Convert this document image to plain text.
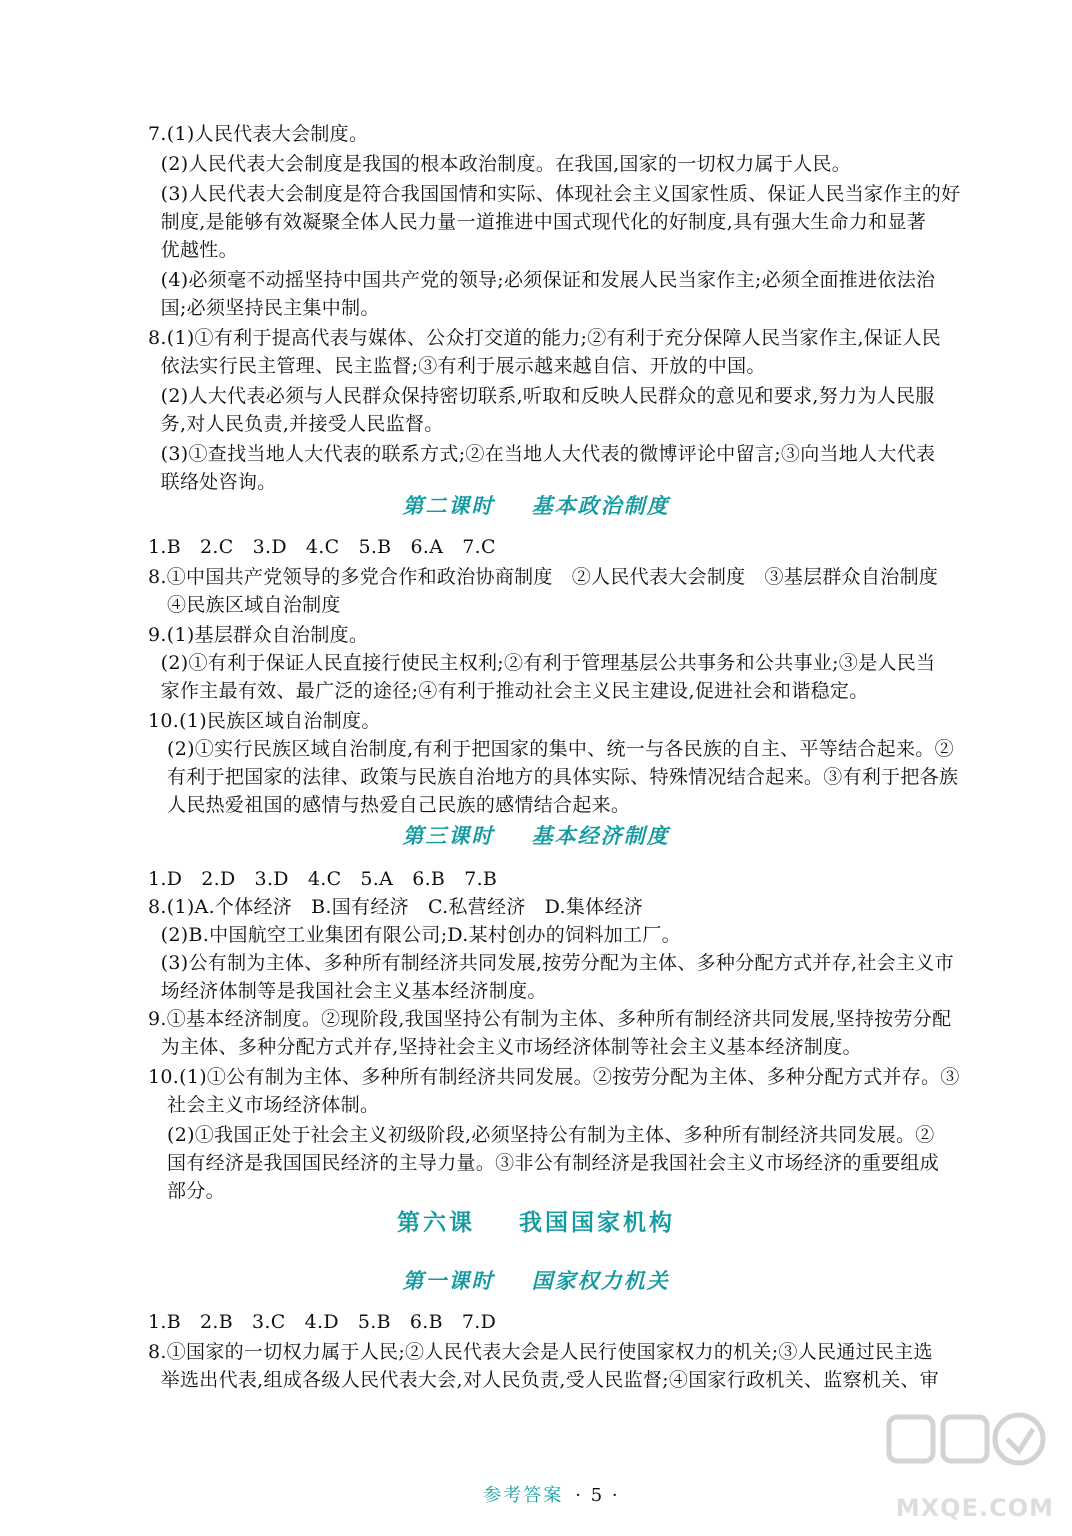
7.(1)人民代表大会制度。
(2)人民代表大会制度是我国的根本政治制度。在我国,国家的一切权力属于人民。
(3)人民代表大会制度是符合我国国情和实际、体现社会主义国家性质、保证人民当家作主的好
制度,是能够有效凝聚全体人民力量一道推进中国式现代化的好制度,具有强大生命力和显著
优越性。
(4)必须毫不动摇坚持中国共产党的领导;必须保证和发展人民当家作主;必须全面推进依法治
国;必须坚持民主集中制。
8.(1)①有利于提高代表与媒体、公众打交道的能力;②有利于充分保障人民当家作主,保证人民
依法实行民主管理、民主监督;③有利于展示越来越自信、开放的中国。
(2)人大代表必须与人民群众保持密切联系,听取和反映人民群众的意见和要求,努力为人民服
务,对人民负责,并接受人民监督。
(3)①查找当地人大代表的联系方式;②在当地人大代表的微博评论中留言;③向当地人大代表
联络处咨询。
第二课时    基本政治制度
1.B   2.C   3.D   4.C   5.B   6.A   7.C
8.①中国共产党领导的多党合作和政治协商制度   ②人民代表大会制度   ③基层群众自治制度
④民族区域自治制度
9.(1)基层群众自治制度。
(2)①有利于保证人民直接行使民主权利;②有利于管理基层公共事务和公共事业;③是人民当
家作主最有效、最广泛的途径;④有利于推动社会主义民主建设,促进社会和谐稳定。
10.(1)民族区域自治制度。
(2)①实行民族区域自治制度,有利于把国家的集中、统一与各民族的自主、平等结合起来。②
有利于把国家的法律、政策与民族自治地方的具体实际、特殊情况结合起来。③有利于把各族
人民热爱祖国的感情与热爱自己民族的感情结合起来。
第三课时    基本经济制度
1.D   2.D   3.D   4.C   5.A   6.B   7.B
8.(1)A.个体经济   B.国有经济   C.私营经济   D.集体经济
(2)B.中国航空工业集团有限公司;D.某村创办的饲料加工厂。
(3)公有制为主体、多种所有制经济共同发展,按劳分配为主体、多种分配方式并存,社会主义市
场经济体制等是我国社会主义基本经济制度。
9.①基本经济制度。②现阶段,我国坚持公有制为主体、多种所有制经济共同发展,坚持按劳分配
为主体、多种分配方式并存,坚持社会主义市场经济体制等社会主义基本经济制度。
10.(1)①公有制为主体、多种所有制经济共同发展。②按劳分配为主体、多种分配方式并存。③
社会主义市场经济体制。
(2)①我国正处于社会主义初级阶段,必须坚持公有制为主体、多种所有制经济共同发展。②
国有经济是我国国民经济的主导力量。③非公有制经济是我国社会主义市场经济的重要组成
部分。
第六课    我国国家机构
第一课时    国家权力机关
1.B   2.B   3.C   4.D   5.B   6.B   7.D
8.①国家的一切权力属于人民;②人民代表大会是人民行使国家权力的机关;③人民通过民主选
举选出代表,组成各级人民代表大会,对人民负责,受人民监督;④国家行政机关、监察机关、审

参考答案 · 5 ·
	MXQE.COM
